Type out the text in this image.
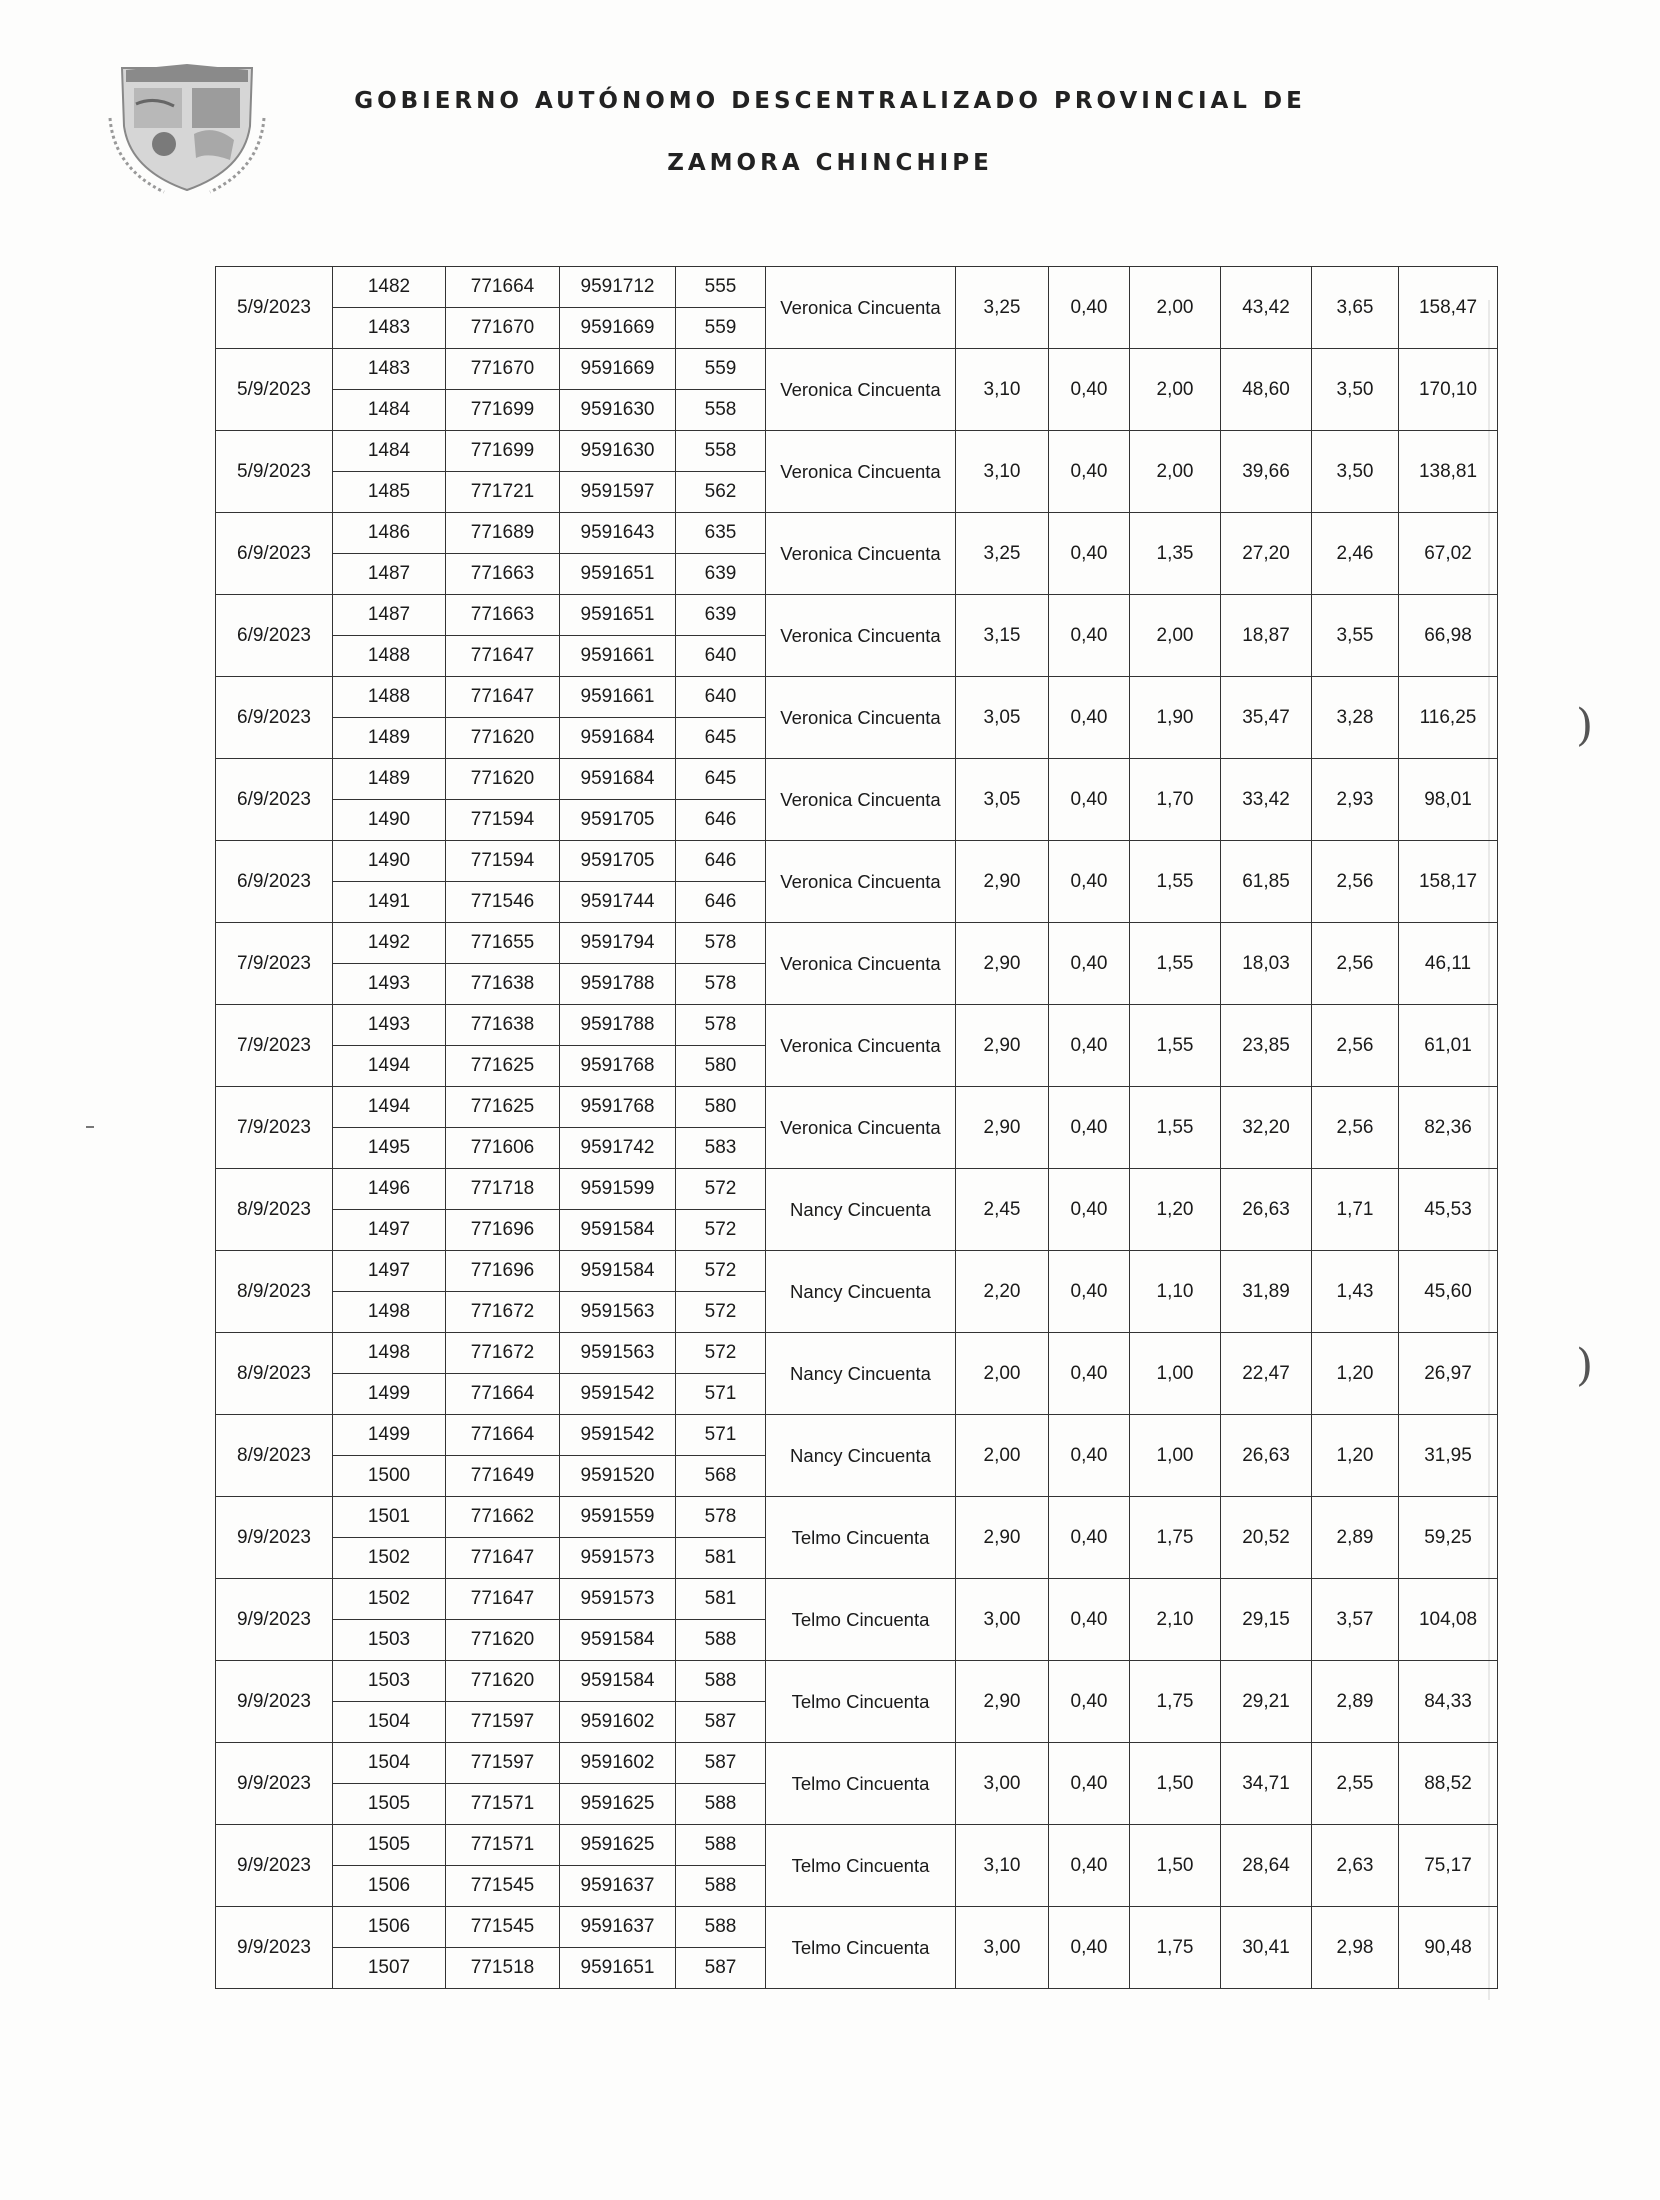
GOBIERNO AUTÓNOMO DESCENTRALIZADO PROVINCIAL DE
ZAMORA CHINCHIPE
)
)
5/9/2023	1482	771664	9591712	555	Veronica Cincuenta	3,25	0,40	2,00	43,42	3,65	158,47
	1483	771670	9591669	559							
5/9/2023	1483	771670	9591669	559	Veronica Cincuenta	3,10	0,40	2,00	48,60	3,50	170,10
	1484	771699	9591630	558							
5/9/2023	1484	771699	9591630	558	Veronica Cincuenta	3,10	0,40	2,00	39,66	3,50	138,81
	1485	771721	9591597	562							
6/9/2023	1486	771689	9591643	635	Veronica Cincuenta	3,25	0,40	1,35	27,20	2,46	67,02
	1487	771663	9591651	639							
6/9/2023	1487	771663	9591651	639	Veronica Cincuenta	3,15	0,40	2,00	18,87	3,55	66,98
	1488	771647	9591661	640							
6/9/2023	1488	771647	9591661	640	Veronica Cincuenta	3,05	0,40	1,90	35,47	3,28	116,25
	1489	771620	9591684	645							
6/9/2023	1489	771620	9591684	645	Veronica Cincuenta	3,05	0,40	1,70	33,42	2,93	98,01
	1490	771594	9591705	646							
6/9/2023	1490	771594	9591705	646	Veronica Cincuenta	2,90	0,40	1,55	61,85	2,56	158,17
	1491	771546	9591744	646							
7/9/2023	1492	771655	9591794	578	Veronica Cincuenta	2,90	0,40	1,55	18,03	2,56	46,11
	1493	771638	9591788	578							
7/9/2023	1493	771638	9591788	578	Veronica Cincuenta	2,90	0,40	1,55	23,85	2,56	61,01
	1494	771625	9591768	580							
7/9/2023	1494	771625	9591768	580	Veronica Cincuenta	2,90	0,40	1,55	32,20	2,56	82,36
	1495	771606	9591742	583							
8/9/2023	1496	771718	9591599	572	Nancy Cincuenta	2,45	0,40	1,20	26,63	1,71	45,53
	1497	771696	9591584	572							
8/9/2023	1497	771696	9591584	572	Nancy Cincuenta	2,20	0,40	1,10	31,89	1,43	45,60
	1498	771672	9591563	572							
8/9/2023	1498	771672	9591563	572	Nancy Cincuenta	2,00	0,40	1,00	22,47	1,20	26,97
	1499	771664	9591542	571							
8/9/2023	1499	771664	9591542	571	Nancy Cincuenta	2,00	0,40	1,00	26,63	1,20	31,95
	1500	771649	9591520	568							
9/9/2023	1501	771662	9591559	578	Telmo Cincuenta	2,90	0,40	1,75	20,52	2,89	59,25
	1502	771647	9591573	581							
9/9/2023	1502	771647	9591573	581	Telmo Cincuenta	3,00	0,40	2,10	29,15	3,57	104,08
	1503	771620	9591584	588							
9/9/2023	1503	771620	9591584	588	Telmo Cincuenta	2,90	0,40	1,75	29,21	2,89	84,33
	1504	771597	9591602	587							
9/9/2023	1504	771597	9591602	587	Telmo Cincuenta	3,00	0,40	1,50	34,71	2,55	88,52
	1505	771571	9591625	588							
9/9/2023	1505	771571	9591625	588	Telmo Cincuenta	3,10	0,40	1,50	28,64	2,63	75,17
	1506	771545	9591637	588							
9/9/2023	1506	771545	9591637	588	Telmo Cincuenta	3,00	0,40	1,75	30,41	2,98	90,48
	1507	771518	9591651	587							
